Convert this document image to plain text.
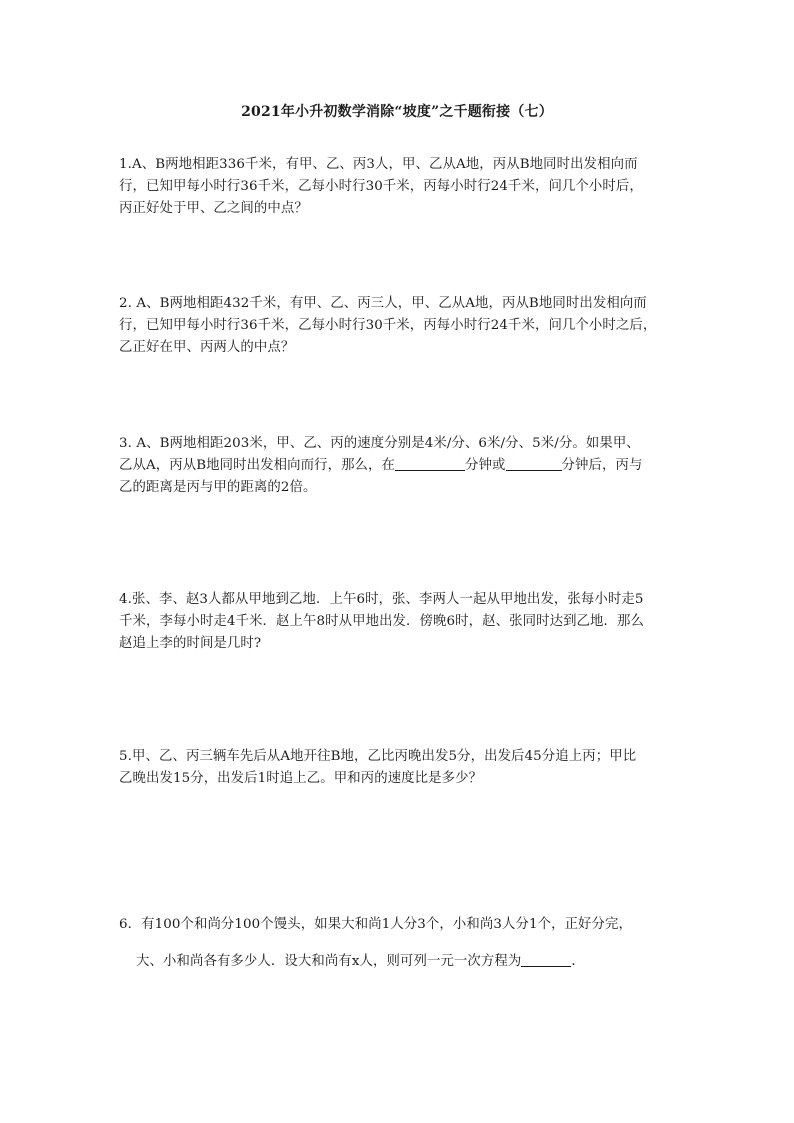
2021年小升初数学消除“坡度”之千题衔接（七）
1.A、B两地相距336千米，有甲、乙、丙3人，甲、乙从A地，丙从B地同时出发相向而
行，已知甲每小时行36千米，乙每小时行30千米，丙每小时行24千米，问几个小时后，
丙正好处于甲、乙之间的中点？
2. A、B两地相距432千米，有甲、乙、丙三人，甲、乙从A地，丙从B地同时出发相向而
行，已知甲每小时行36千米，乙每小时行30千米，丙每小时行24千米，问几个小时之后，
乙正好在甲、丙两人的中点？
3. A、B两地相距203米，甲、乙、丙的速度分别是4米/分、6米/分、5米/分。如果甲、
乙从A，丙从B地同时出发相向而行，那么，在	分钟或	分钟后，丙与
乙的距离是丙与甲的距离的2倍。
4.张、李、赵3人都从甲地到乙地．上午6时，张、李两人一起从甲地出发，张每小时走5
千米，李每小时走4千米．赵上午8时从甲地出发．傍晚6时，赵、张同时达到乙地．那么
赵追上李的时间是几时?
5.甲、乙、丙三辆车先后从A地开往B地，乙比丙晚出发5分，出发后45分追上丙；甲比
乙晚出发15分，出发后1时追上乙。甲和丙的速度比是多少？
6．有100个和尚分100个馒头，如果大和尚1人分3个，小和尚3人分1个，正好分完，
大、小和尚各有多少人．设大和尚有x人，则可列一元一次方程为	．
